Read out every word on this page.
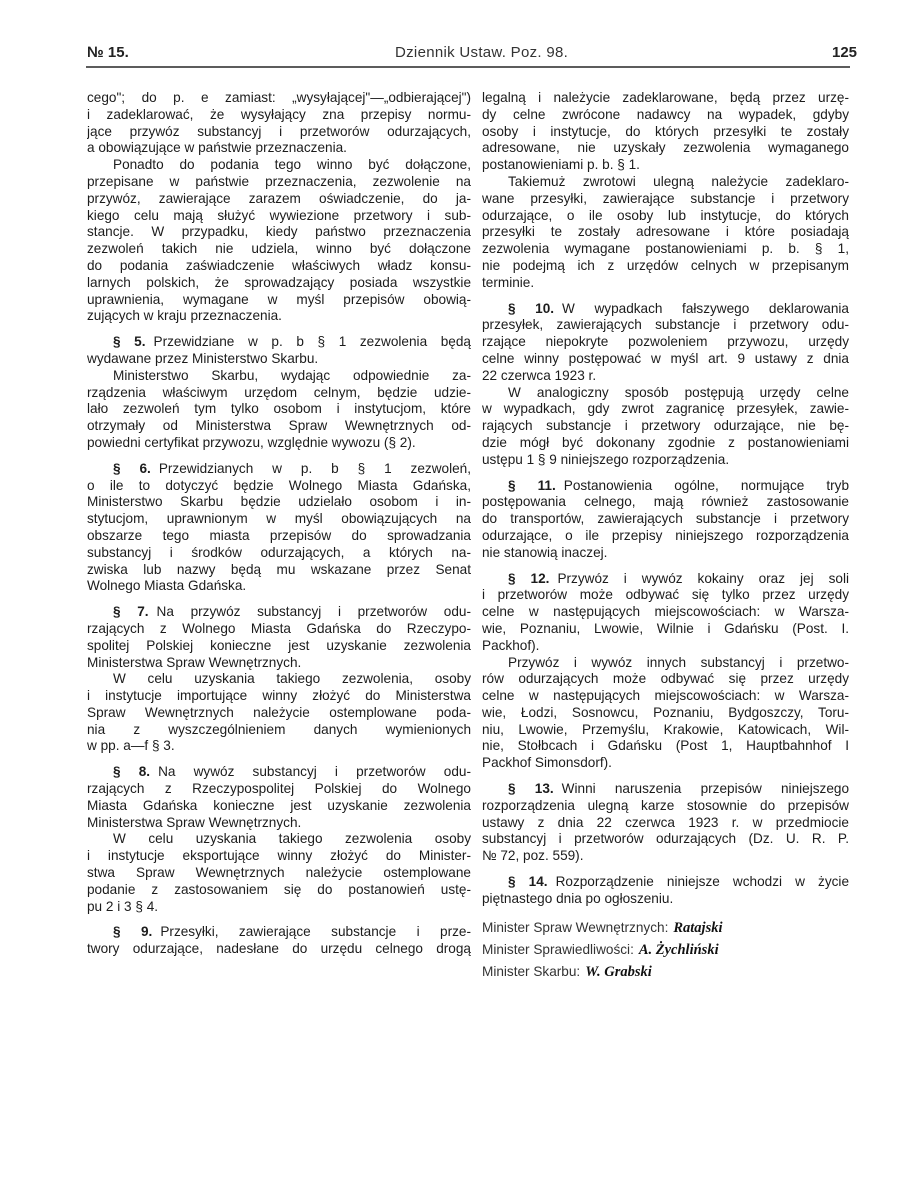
№ 15.	Dziennik Ustaw. Poz. 98.	125
cego"; do p. e zamiast: „wysyłającej"—„odbierającej")
i zadeklarować, że wysyłający zna przepisy normu-
jące przywóz substancyj i przetworów odurzających,
a obowiązujące w państwie przeznaczenia.
Ponadto do podania tego winno być dołączone,
przepisane w państwie przeznaczenia, zezwolenie na
przywóz, zawierające zarazem oświadczenie, do ja-
kiego celu mają służyć wywiezione przetwory i sub-
stancje. W przypadku, kiedy państwo przeznaczenia
zezwoleń takich nie udziela, winno być dołączone
do podania zaświadczenie właściwych władz konsu-
larnych polskich, że sprowadzający posiada wszystkie
uprawnienia, wymagane w myśl przepisów obowią-
zujących w kraju przeznaczenia.
§ 5. Przewidziane w p. b § 1 zezwolenia będą
wydawane przez Ministerstwo Skarbu.
Ministerstwo Skarbu, wydając odpowiednie za-
rządzenia właściwym urzędom celnym, będzie udzie-
lało zezwoleń tym tylko osobom i instytucjom, które
otrzymały od Ministerstwa Spraw Wewnętrznych od-
powiedni certyfikat przywozu, względnie wywozu (§ 2).
§ 6. Przewidzianych w p. b § 1 zezwoleń,
o ile to dotyczyć będzie Wolnego Miasta Gdańska,
Ministerstwo Skarbu będzie udzielało osobom i in-
stytucjom, uprawnionym w myśl obowiązujących na
obszarze tego miasta przepisów do sprowadzania
substancyj i środków odurzających, a których na-
zwiska lub nazwy będą mu wskazane przez Senat
Wolnego Miasta Gdańska.
§ 7. Na przywóz substancyj i przetworów odu-
rzających z Wolnego Miasta Gdańska do Rzeczypo-
spolitej Polskiej konieczne jest uzyskanie zezwolenia
Ministerstwa Spraw Wewnętrznych.
W celu uzyskania takiego zezwolenia, osoby
i instytucje importujące winny złożyć do Ministerstwa
Spraw Wewnętrznych należycie ostemplowane poda-
nia z wyszczególnieniem danych wymienionych
w pp. a—f § 3.
§ 8. Na wywóz substancyj i przetworów odu-
rzających z Rzeczypospolitej Polskiej do Wolnego
Miasta Gdańska konieczne jest uzyskanie zezwolenia
Ministerstwa Spraw Wewnętrznych.
W celu uzyskania takiego zezwolenia osoby
i instytucje eksportujące winny złożyć do Minister-
stwa Spraw Wewnętrznych należycie ostemplowane
podanie z zastosowaniem się do postanowień ustę-
pu 2 i 3 § 4.
§ 9. Przesyłki, zawierające substancje i prze-
twory odurzające, nadesłane do urzędu celnego drogą
legalną i należycie zadeklarowane, będą przez urzę-
dy celne zwrócone nadawcy na wypadek, gdyby
osoby i instytucje, do których przesyłki te zostały
adresowane, nie uzyskały zezwolenia wymaganego
postanowieniami p. b. § 1.
Takiemuż zwrotowi ulegną należycie zadeklaro-
wane przesyłki, zawierające substancje i przetwory
odurzające, o ile osoby lub instytucje, do których
przesyłki te zostały adresowane i które posiadają
zezwolenia wymagane postanowieniami p. b. § 1,
nie podejmą ich z urzędów celnych w przepisanym
terminie.
§ 10. W wypadkach fałszywego deklarowania
przesyłek, zawierających substancje i przetwory odu-
rzające niepokryte pozwoleniem przywozu, urzędy
celne winny postępować w myśl art. 9 ustawy z dnia
22 czerwca 1923 r.
W analogiczny sposób postępują urzędy celne
w wypadkach, gdy zwrot zagranicę przesyłek, zawie-
rających substancje i przetwory odurzające, nie bę-
dzie mógł być dokonany zgodnie z postanowieniami
ustępu 1 § 9 niniejszego rozporządzenia.
§ 11. Postanowienia ogólne, normujące tryb
postępowania celnego, mają również zastosowanie
do transportów, zawierających substancje i przetwory
odurzające, o ile przepisy niniejszego rozporządzenia
nie stanowią inaczej.
§ 12. Przywóz i wywóz kokainy oraz jej soli
i przetworów może odbywać się tylko przez urzędy
celne w następujących miejscowościach: w Warsza-
wie, Poznaniu, Lwowie, Wilnie i Gdańsku (Post. I.
Packhof).
Przywóz i wywóz innych substancyj i przetwo-
rów odurzających może odbywać się przez urzędy
celne w następujących miejscowościach: w Warsza-
wie, Łodzi, Sosnowcu, Poznaniu, Bydgoszczy, Toru-
niu, Lwowie, Przemyślu, Krakowie, Katowicach, Wil-
nie, Stołbcach i Gdańsku (Post 1, Hauptbahnhof I
Packhof Simonsdorf).
§ 13. Winni naruszenia przepisów niniejszego
rozporządzenia ulegną karze stosownie do przepisów
ustawy z dnia 22 czerwca 1923 r. w przedmiocie
substancyj i przetworów odurzających (Dz. U. R. P.
№ 72, poz. 559).
§ 14. Rozporządzenie niniejsze wchodzi w życie
piętnastego dnia po ogłoszeniu.
Minister Spraw Wewnętrznych: Ratajski
Minister Sprawiedliwości: A. Żychliński
Minister Skarbu: W. Grabski
